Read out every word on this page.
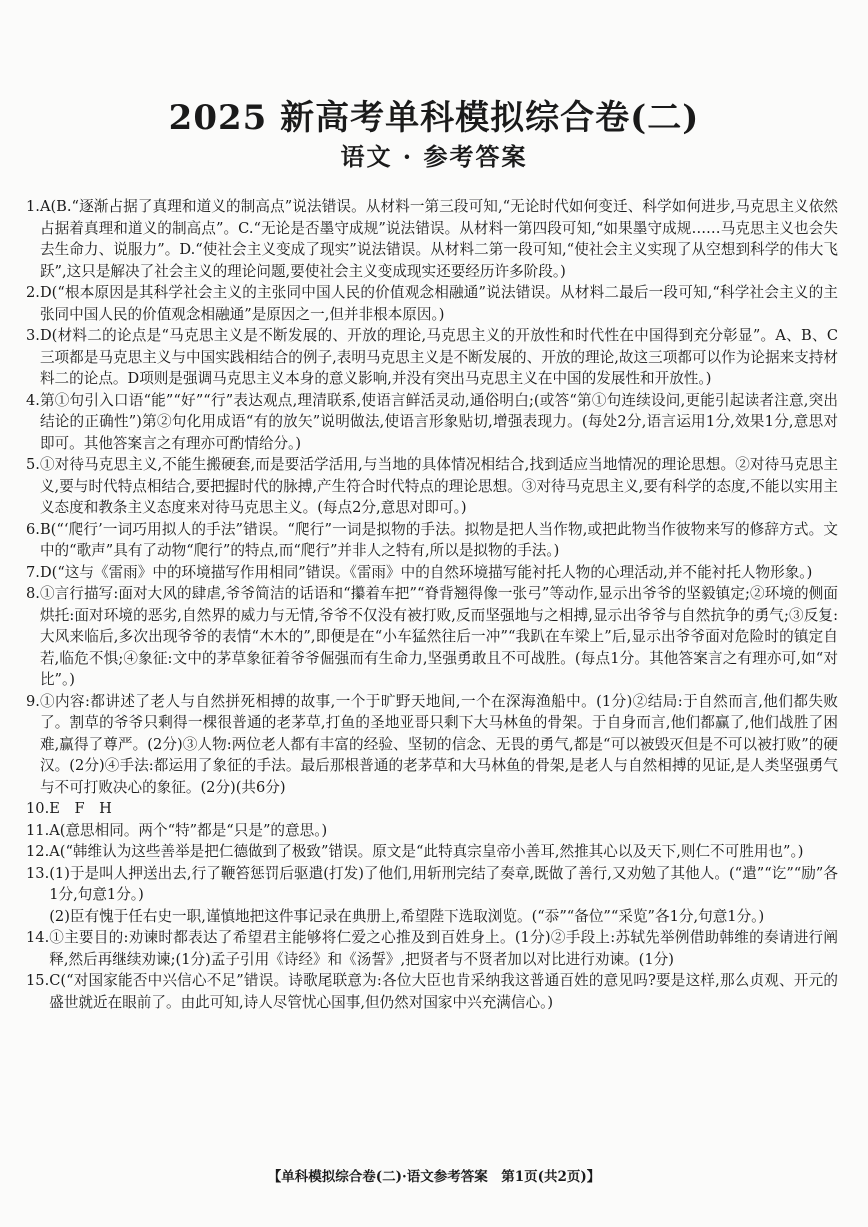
2025 新高考单科模拟综合卷(二)
语文 · 参考答案
1. A(B.“逐渐占据了真理和道义的制高点”说法错误。从材料一第三段可知,“无论时代如何变迁、科学如何进步,马克思主义依然占据着真理和道义的制高点”。C.“无论是否墨守成规”说法错误。从材料一第四段可知,“如果墨守成规……马克思主义也会失去生命力、说服力”。D.“使社会主义变成了现实”说法错误。从材料二第一段可知,“使社会主义实现了从空想到科学的伟大飞跃”,这只是解决了社会主义的理论问题,要使社会主义变成现实还要经历许多阶段。)
2. D(“根本原因是其科学社会主义的主张同中国人民的价值观念相融通”说法错误。从材料二最后一段可知,“科学社会主义的主张同中国人民的价值观念相融通”是原因之一,但并非根本原因。)
3. D(材料二的论点是“马克思主义是不断发展的、开放的理论,马克思主义的开放性和时代性在中国得到充分彰显”。A、B、C三项都是马克思主义与中国实践相结合的例子,表明马克思主义是不断发展的、开放的理论,故这三项都可以作为论据来支持材料二的论点。D项则是强调马克思主义本身的意义影响,并没有突出马克思主义在中国的发展性和开放性。)
4. 第①句引入口语“能”“好”“行”表达观点,理清联系,使语言鲜活灵动,通俗明白;(或答“第①句连续设问,更能引起读者注意,突出结论的正确性”)第②句化用成语“有的放矢”说明做法,使语言形象贴切,增强表现力。(每处2分,语言运用1分,效果1分,意思对即可。其他答案言之有理亦可酌情给分。)
5. ①对待马克思主义,不能生搬硬套,而是要活学活用,与当地的具体情况相结合,找到适应当地情况的理论思想。②对待马克思主义,要与时代特点相结合,要把握时代的脉搏,产生符合时代特点的理论思想。③对待马克思主义,要有科学的态度,不能以实用主义态度和教条主义态度来对待马克思主义。(每点2分,意思对即可。)
6. B(“‘爬行’一词巧用拟人的手法”错误。“爬行”一词是拟物的手法。拟物是把人当作物,或把此物当作彼物来写的修辞方式。文中的“歌声”具有了动物“爬行”的特点,而“爬行”并非人之特有,所以是拟物的手法。)
7. D(“这与《雷雨》中的环境描写作用相同”错误。《雷雨》中的自然环境描写能衬托人物的心理活动,并不能衬托人物形象。)
8. ①言行描写:面对大风的肆虐,爷爷简洁的话语和“攥着车把”“脊背翘得像一张弓”等动作,显示出爷爷的坚毅镇定;②环境的侧面烘托:面对环境的恶劣,自然界的威力与无情,爷爷不仅没有被打败,反而坚强地与之相搏,显示出爷爷与自然抗争的勇气;③反复:大风来临后,多次出现爷爷的表情“木木的”,即便是在“小车猛然往后一冲”“我趴在车梁上”后,显示出爷爷面对危险时的镇定自若,临危不惧;④象征:文中的茅草象征着爷爷倔强而有生命力,坚强勇敢且不可战胜。(每点1分。其他答案言之有理亦可,如“对比”。)
9. ①内容:都讲述了老人与自然拼死相搏的故事,一个于旷野天地间,一个在深海渔船中。(1分)②结局:于自然而言,他们都失败了。割草的爷爷只剩得一棵很普通的老茅草,打鱼的圣地亚哥只剩下大马林鱼的骨架。于自身而言,他们都赢了,他们战胜了困难,赢得了尊严。(2分)③人物:两位老人都有丰富的经验、坚韧的信念、无畏的勇气,都是“可以被毁灭但是不可以被打败”的硬汉。(2分)④手法:都运用了象征的手法。最后那根普通的老茅草和大马林鱼的骨架,是老人与自然相搏的见证,是人类坚强勇气与不可打败决心的象征。(2分)(共6分)
10. E　F　H
11. A(意思相同。两个“特”都是“只是”的意思。)
12. A(“韩维认为这些善举是把仁德做到了极致”错误。原文是“此特真宗皇帝小善耳,然推其心以及天下,则仁不可胜用也”。)
13. (1)于是叫人押送出去,行了鞭笞惩罚后驱遣(打发)了他们,用斩刑完结了奏章,既做了善行,又劝勉了其他人。(“遣”“讫”“励”各1分,句意1分。)
(2)臣有愧于任右史一职,谨慎地把这件事记录在典册上,希望陛下选取浏览。(“忝”“备位”“采览”各1分,句意1分。)
14. ①主要目的:劝谏时都表达了希望君主能够将仁爱之心推及到百姓身上。(1分)②手段上:苏轼先举例借助韩维的奏请进行阐释,然后再继续劝谏;(1分)孟子引用《诗经》和《汤誓》,把贤者与不贤者加以对比进行劝谏。(1分)
15. C(“对国家能否中兴信心不足”错误。诗歌尾联意为:各位大臣也肯采纳我这普通百姓的意见吗?要是这样,那么贞观、开元的盛世就近在眼前了。由此可知,诗人尽管忧心国事,但仍然对国家中兴充满信心。)
【单科模拟综合卷(二)·语文参考答案　第1页(共2页)】
